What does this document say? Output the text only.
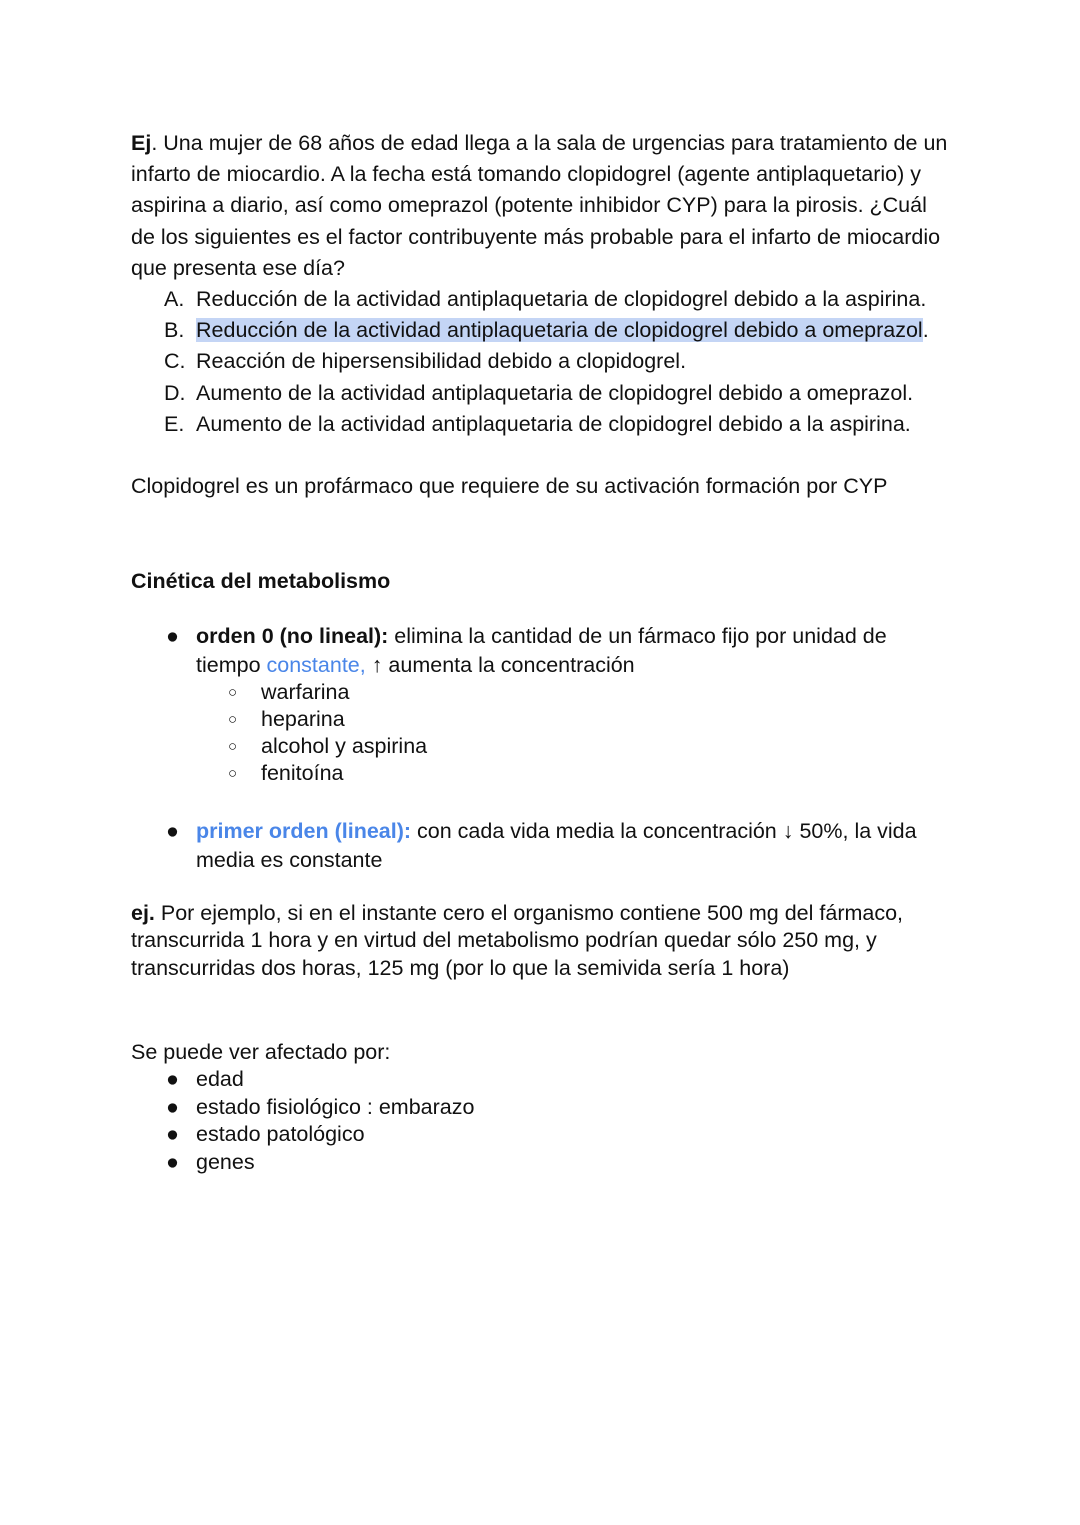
Ej. Una mujer de 68 años de edad llega a la sala de urgencias para tratamiento de un infarto de miocardio. A la fecha está tomando clopidogrel (agente antiplaquetario) y aspirina a diario, así como omeprazol (potente inhibidor CYP) para la pirosis. ¿Cuál de los siguientes es el factor contribuyente más probable para el infarto de miocardio que presenta ese día?

A. Reducción de la actividad antiplaquetaria de clopidogrel debido a la aspirina.
B. Reducción de la actividad antiplaquetaria de clopidogrel debido a omeprazol.
C. Reacción de hipersensibilidad debido a clopidogrel.
D. Aumento de la actividad antiplaquetaria de clopidogrel debido a omeprazol.
E. Aumento de la actividad antiplaquetaria de clopidogrel debido a la aspirina.

Clopidogrel es un profármaco que requiere de su activación formación por CYP

Cinética del metabolismo
● orden 0 (no lineal): elimina la cantidad de un fármaco fijo por unidad de tiempo constante, ↑ aumenta la concentración
○ warfarina
○ heparina
○ alcohol y aspirina
○ fenitoína
● primer orden (lineal): con cada vida media la concentración ↓ 50%, la vida media es constante

ej. Por ejemplo, si en el instante cero el organismo contiene 500 mg del fármaco, transcurrida 1 hora y en virtud del metabolismo podrían quedar sólo 250 mg, y transcurridas dos horas, 125 mg (por lo que la semivida sería 1 hora)

Se puede ver afectado por:

● edad
● estado fisiológico : embarazo
● estado patológico
● genes
